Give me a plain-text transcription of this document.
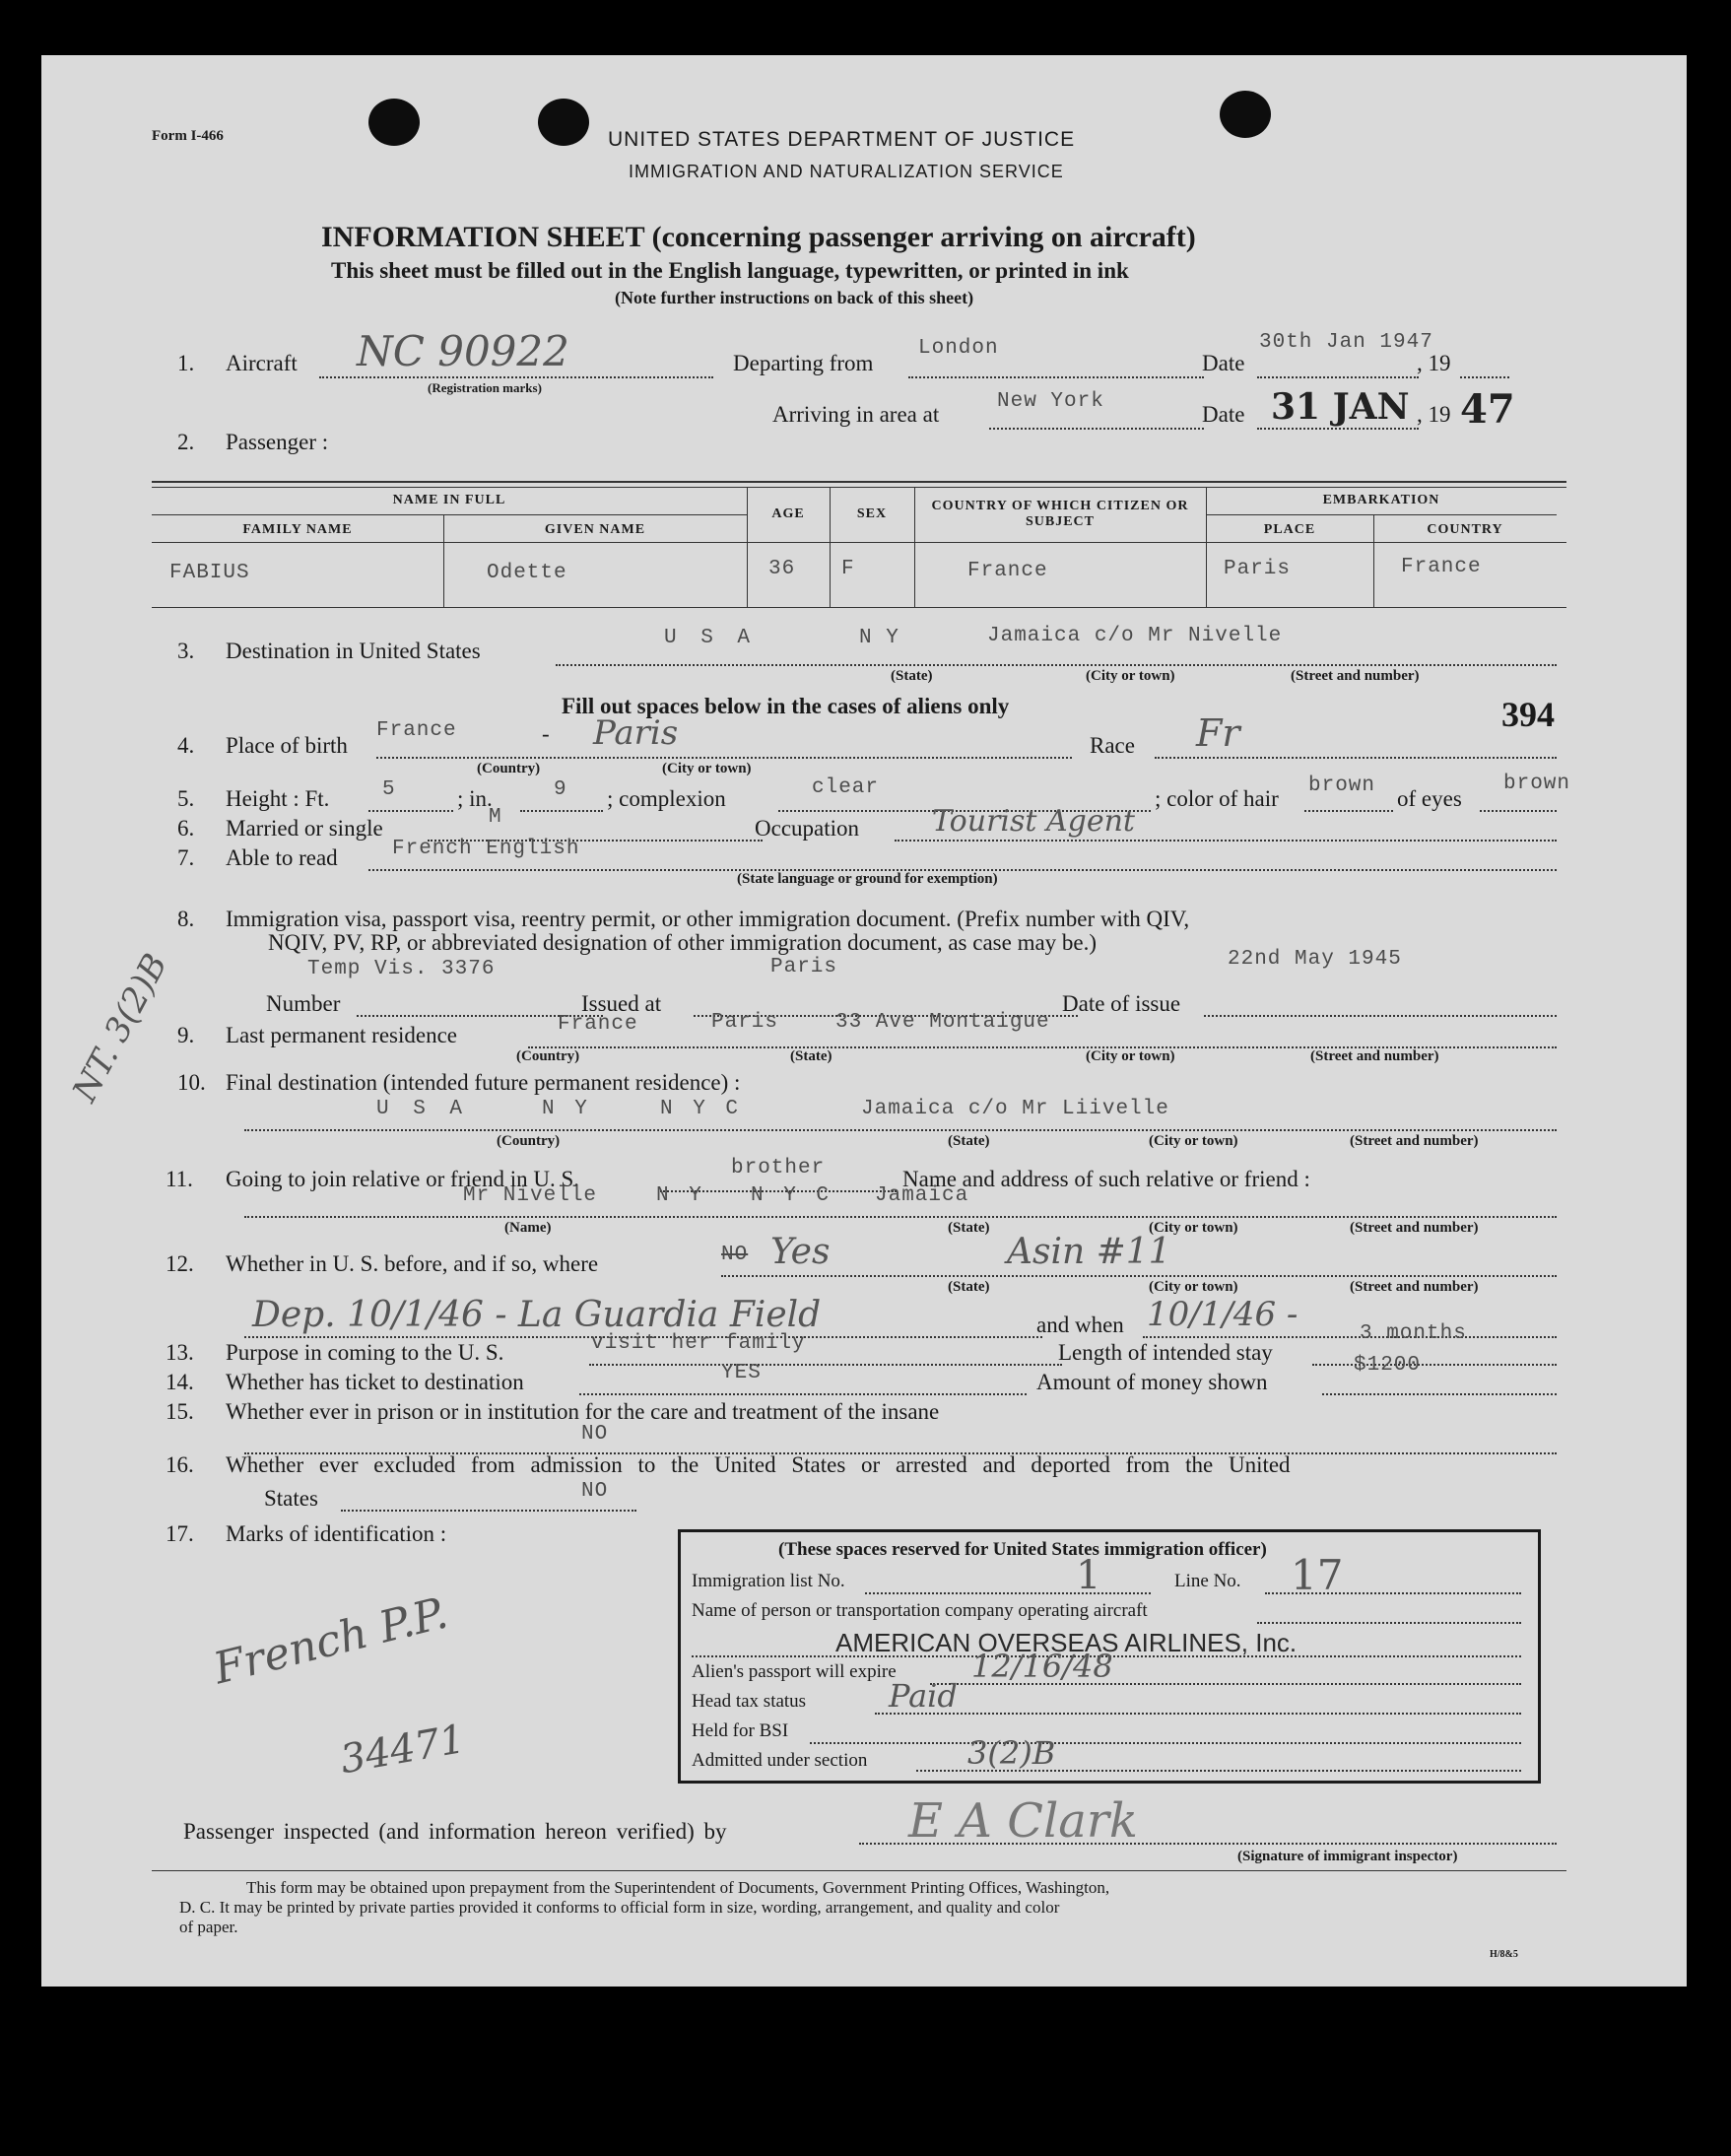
Form I-466	UNITED STATES DEPARTMENT OF JUSTICE
IMMIGRATION AND NATURALIZATION SERVICE
INFORMATION SHEET (concerning passenger arriving on aircraft)
This sheet must be filled out in the English language, typewritten, or printed in ink
(Note further instructions on back of this sheet)
1. Aircraft NC 90922
(Registration marks)
Departing from
London
Date
30th Jan 1947
, 19
Arriving in area at
New York
Date 31 JAN , 19 47
2. Passenger :
NAME IN FULL
FAMILY NAME	GIVEN NAME
AGE	SEX
COUNTRY OF WHICH CITIZEN OR SUBJECT
EMBARKATION
PLACE	COUNTRY
FABIUS	Odette	36 F	France	Paris	France
3. Destination in United States
U S A	N Y	Jamaica c/o Mr Nivelle
(State)	(City or town)	(Street and number)
Fill out spaces below in the cases of aliens only	394
4. Place of birth
France	- Paris
(Country)	(City or town)
Race Fr
5. Height : Ft.	5	; in.	9 ; complexion	clear	; color of hair
brown
of eyes
brown
6. Married or single	M	Occupation Tourist Agent
7. Able to read	French English
(State language or ground for exemption)
8. Immigration visa, passport visa, reentry permit, or other immigration document. (Prefix number with QIV,
NQIV, PV, RP, or abbreviated designation of other immigration document, as case may be.)
Temp Vis. 3376	Paris	22nd May 1945
Number	Issued at	Date of issue
9. Last permanent residence	France	Paris	33 Ave Montaigue
(Country)	(State)	(City or town)	(Street and number)
10. Final destination (intended future permanent residence) :
U S A	N Y	N Y C	Jamaica c/o Mr Liivelle
(Country)	(State)	(City or town)	(Street and number)
11. Going to join relative or friend in U. S.	brother	Name and address of such relative or friend :
Mr Nivelle	N Y N Y C Jamaica
(Name)	(State)	(City or town)	(Street and number)
12. Whether in U. S. before, and if so, where	NO Yes	Asin #11
(State)	(City or town)	(Street and number)
Dep. 10/1/46 - La Guardia Field	and when 10/1/46 -
13. Purpose in coming to the U. S.	visit her family	Length of intended stay
3 months
14. Whether has ticket to destination	YES	Amount of money shown
$1200
15. Whether ever in prison or in institution for the care and treatment of the insane
NO
16. Whether ever excluded from admission to the United States or arrested and deported from the United
States	NO
17. Marks of identification :
French P.P.
34471
NT. 3(2)B
(These spaces reserved for United States immigration officer)
Immigration list No.	1	Line No. 17
Name of person or transportation company operating aircraft
AMERICAN OVERSEAS AIRLINES, Inc.
Alien's passport will expire 12/16/48
Head tax status	Paid
Held for BSI
Admitted under section	3(2)B
Passenger inspected (and information hereon verified) by	E A Clark
(Signature of immigrant inspector)
This form may be obtained upon prepayment from the Superintendent of Documents, Government Printing Offices, Washington,
D. C. It may be printed by private parties provided it conforms to official form in size, wording, arrangement, and quality and color
of paper.
H/8&5
